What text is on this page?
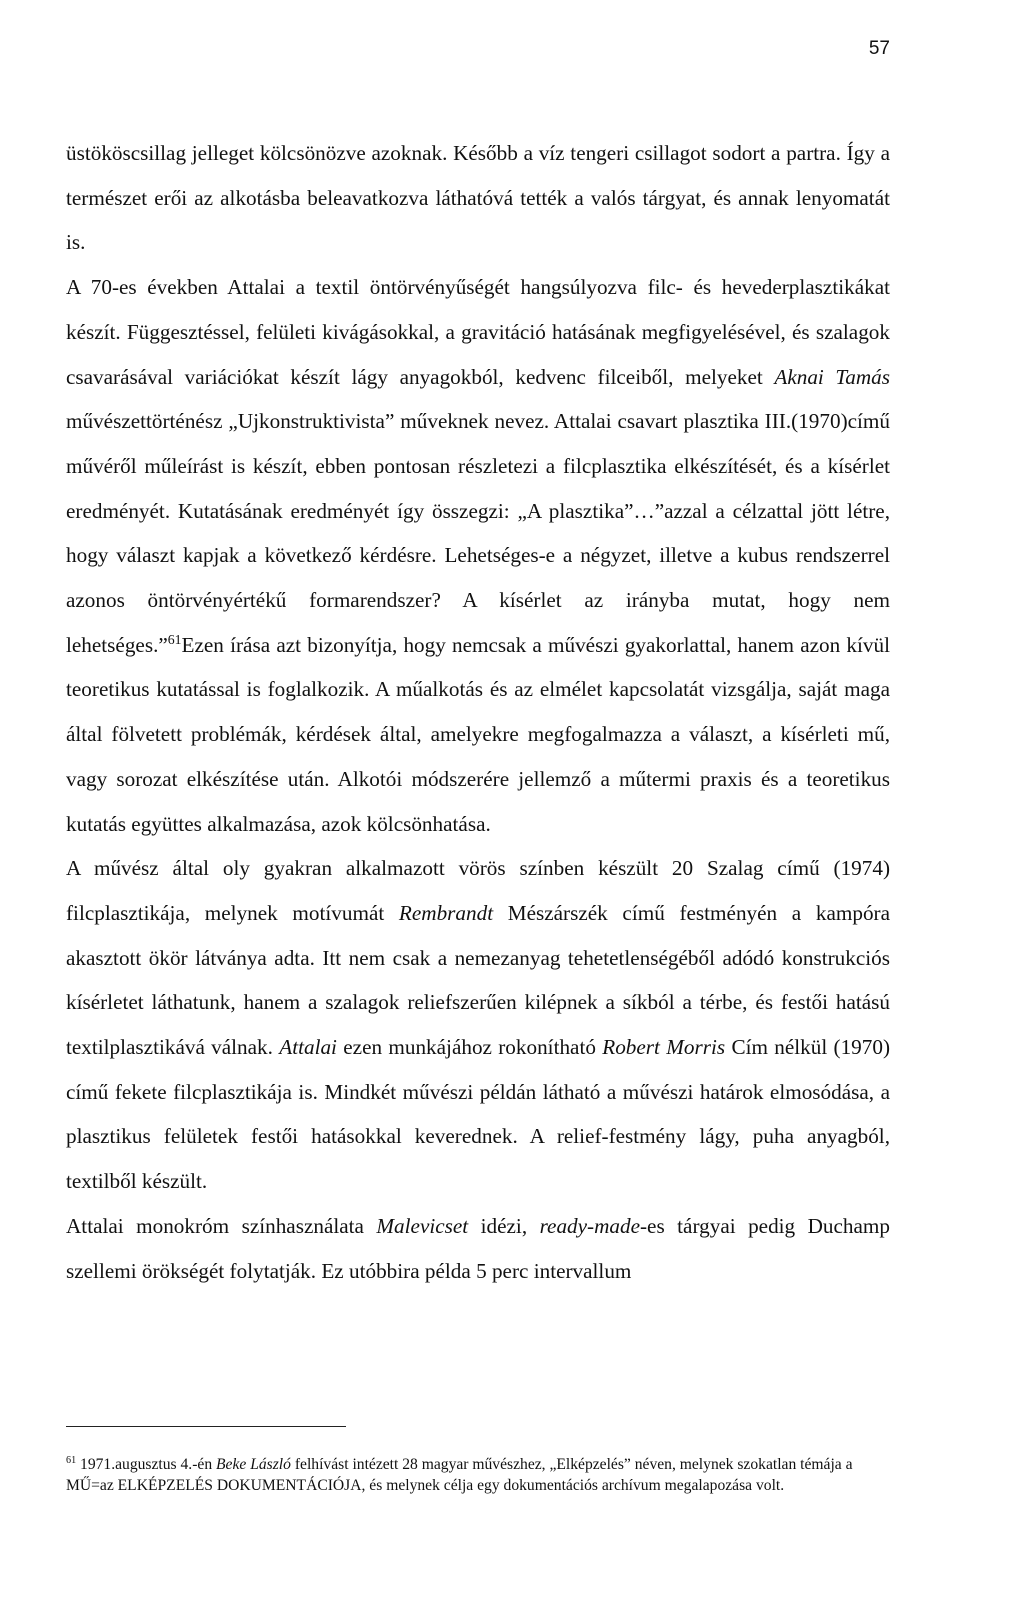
57

üstököscsillag jelleget kölcsönözve azoknak. Később a víz tengeri csillagot sodort a partra. Így a természet erői az alkotásba beleavatkozva láthatóvá tették a valós tárgyat, és annak lenyomatát is.

A 70-es években Attalai a textil öntörvényűségét hangsúlyozva filc- és hevederplasztikákat készít. Függesztéssel, felületi kivágásokkal, a gravitáció hatásának megfigyelésével, és szalagok csavarásával variációkat készít lágy anyagokból, kedvenc filceiből, melyeket Aknai Tamás művészettörténész „Ujkonstruktivista” műveknek nevez. Attalai csavart plasztika III.(1970)című művéről műleírást is készít, ebben pontosan részletezi a filcplasztika elkészítését, és a kísérlet eredményét. Kutatásának eredményét így összegzi: „A plasztika”…”azzal a célzattal jött létre, hogy választ kapjak a következő kérdésre. Lehetséges-e a négyzet, illetve a kubus rendszerrel azonos öntörvényértékű formarendszer? A kísérlet az irányba mutat, hogy nem lehetséges.”$^{61}$Ezen írása azt bizonyítja, hogy nemcsak a művészi gyakorlattal, hanem azon kívül teoretikus kutatással is foglalkozik. A műalkotás és az elmélet kapcsolatát vizsgálja, saját maga által fölvetett problémák, kérdések által, amelyekre megfogalmazza a választ, a kísérleti mű, vagy sorozat elkészítése után. Alkotói módszerére jellemző a műtermi praxis és a teoretikus kutatás együttes alkalmazása, azok kölcsönhatása.

A művész által oly gyakran alkalmazott vörös színben készült 20 Szalag című (1974) filcplasztikája, melynek motívumát Rembrandt Mészárszék című festményén a kampóra akasztott ökör látványa adta. Itt nem csak a nemezanyag tehetetlenségéből adódó konstrukciós kísérletet láthatunk, hanem a szalagok reliefszerűen kilépnek a síkból a térbe, és festői hatású textilplasztikává válnak. Attalai ezen munkájához rokonítható Robert Morris Cím nélkül (1970) című fekete filcplasztikája is. Mindkét művészi példán látható a művészi határok elmosódása, a plasztikus felületek festői hatásokkal keverednek. A relief-festmény lágy, puha anyagból, textilből készült.

Attalai monokróm színhasználata Malevicset idézi, ready-made-es tárgyai pedig Duchamp szellemi örökségét folytatják. Ez utóbbira példa 5 perc intervallum

$^{61}$ 1971.augusztus 4.-én Beke László felhívást intézett 28 magyar művészhez, „Elképzelés” néven, melynek szokatlan témája a MŰ=az ELKÉPZELÉS DOKUMENTÁCIÓJA, és melynek célja egy dokumentációs archívum megalapozása volt.
